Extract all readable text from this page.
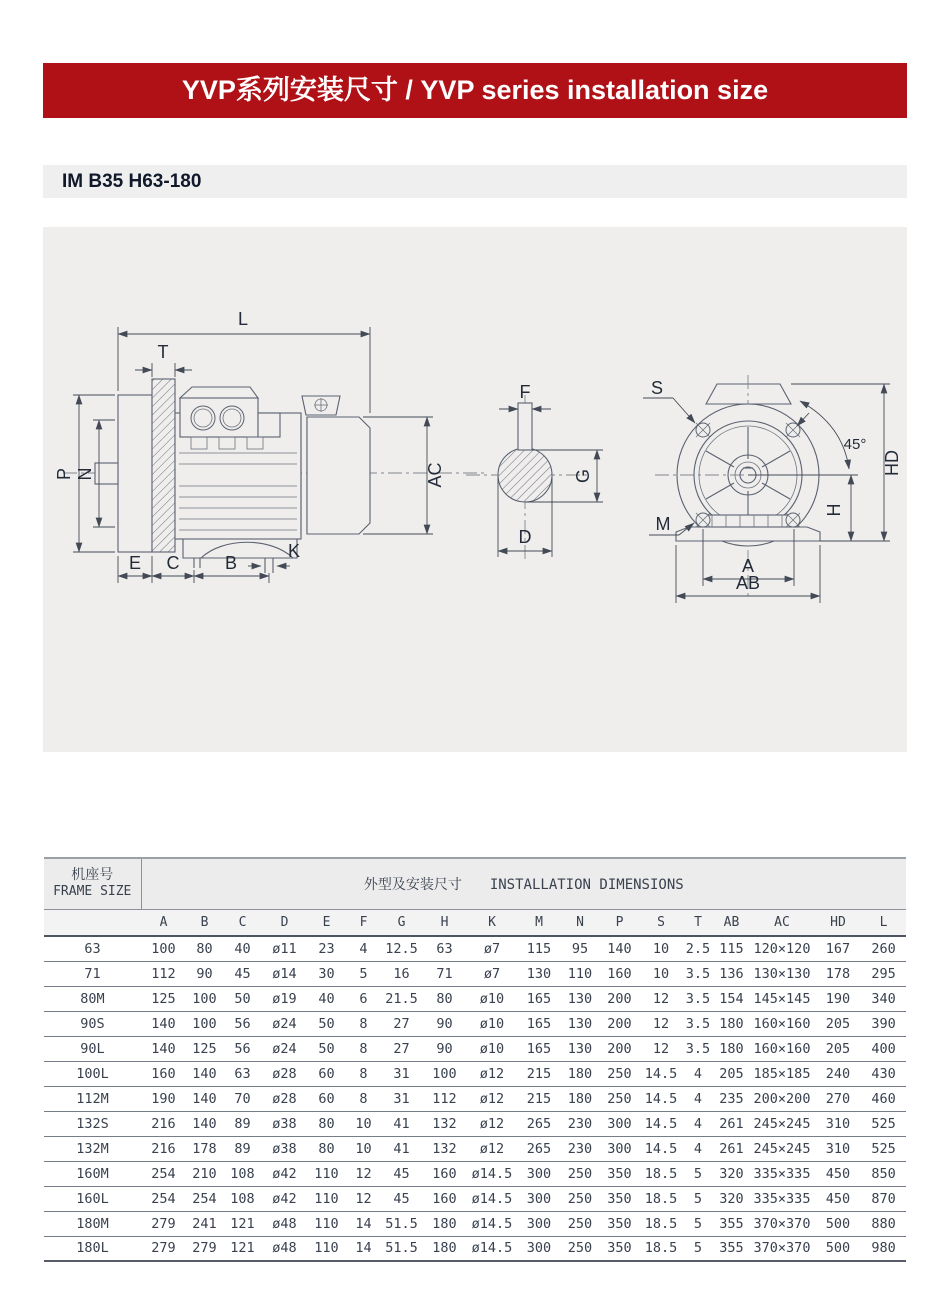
YVP系列安装尺寸 / YVP series installation size
IM B35 H63-180
L
T
P N	AC
E C	B
K
F
G
D
S
M
45°
HD
H
A
AB
机座号
FRAME SIZE	外型及安装尺寸 INSTALLATION DIMENSIONS																	
	A	B	C	D	E	F	G	H	K	M	N	P	S	T	AB	AC	HD	L
63	100	80	40	ø11	23	4	12.5	63	ø7	115	95	140	10	2.5	115	120×120	167	260
71	112	90	45	ø14	30	5	16	71	ø7	130	110	160	10	3.5	136	130×130	178	295
80M	125	100	50	ø19	40	6	21.5	80	ø10	165	130	200	12	3.5	154	145×145	190	340
90S	140	100	56	ø24	50	8	27	90	ø10	165	130	200	12	3.5	180	160×160	205	390
90L	140	125	56	ø24	50	8	27	90	ø10	165	130	200	12	3.5	180	160×160	205	400
100L	160	140	63	ø28	60	8	31	100	ø12	215	180	250	14.5	4	205	185×185	240	430
112M	190	140	70	ø28	60	8	31	112	ø12	215	180	250	14.5	4	235	200×200	270	460
132S	216	140	89	ø38	80	10	41	132	ø12	265	230	300	14.5	4	261	245×245	310	525
132M	216	178	89	ø38	80	10	41	132	ø12	265	230	300	14.5	4	261	245×245	310	525
160M	254	210	108	ø42	110	12	45	160	ø14.5	300	250	350	18.5	5	320	335×335	450	850
160L	254	254	108	ø42	110	12	45	160	ø14.5	300	250	350	18.5	5	320	335×335	450	870
180M	279	241	121	ø48	110	14	51.5	180	ø14.5	300	250	350	18.5	5	355	370×370	500	880
180L	279	279	121	ø48	110	14	51.5	180	ø14.5	300	250	350	18.5	5	355	370×370	500	980
